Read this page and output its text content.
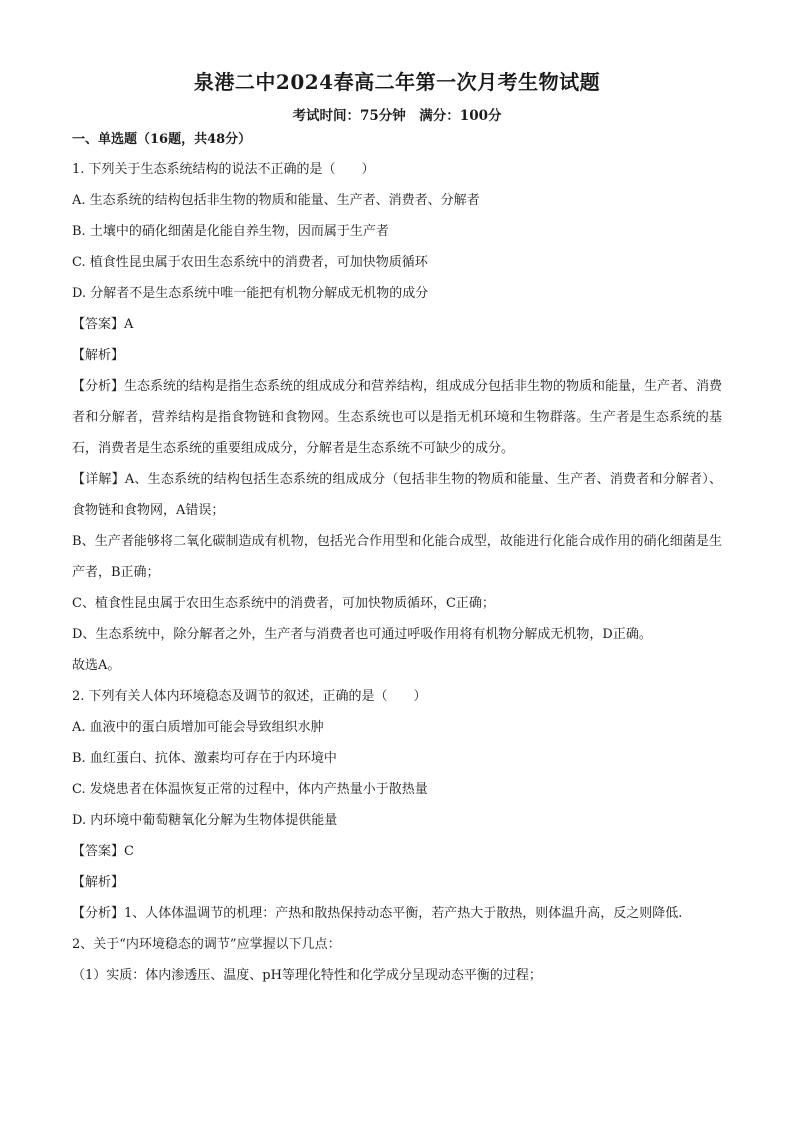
泉港二中2024春高二年第一次月考生物试题
考试时间：75分钟　满分：100分

一、单选题（16题，共48分）

1. 下列关于生态系统结构的说法不正确的是（　　）

A. 生态系统的结构包括非生物的物质和能量、生产者、消费者、分解者

B. 土壤中的硝化细菌是化能自养生物，因而属于生产者

C. 植食性昆虫属于农田生态系统中的消费者，可加快物质循环

D. 分解者不是生态系统中唯一能把有机物分解成无机物的成分

【答案】A

【解析】

【分析】生态系统的结构是指生态系统的组成成分和营养结构，组成成分包括非生物的物质和能量，生产者、消费者和分解者，营养结构是指食物链和食物网。生态系统也可以是指无机环境和生物群落。生产者是生态系统的基石，消费者是生态系统的重要组成成分，分解者是生态系统不可缺少的成分。

【详解】A、生态系统的结构包括生态系统的组成成分（包括非生物的物质和能量、生产者、消费者和分解者）、食物链和食物网，A错误；

B、生产者能够将二氧化碳制造成有机物，包括光合作用型和化能合成型，故能进行化能合成作用的硝化细菌是生产者，B正确；

C、植食性昆虫属于农田生态系统中的消费者，可加快物质循环，C正确；

D、生态系统中，除分解者之外，生产者与消费者也可通过呼吸作用将有机物分解成无机物，D正确。

故选A。

2. 下列有关人体内环境稳态及调节的叙述，正确的是（　　）

A. 血液中的蛋白质增加可能会导致组织水肿

B. 血红蛋白、抗体、激素均可存在于内环境中

C. 发烧患者在体温恢复正常的过程中，体内产热量小于散热量

D. 内环境中葡萄糖氧化分解为生物体提供能量

【答案】C

【解析】

【分析】1、人体体温调节的机理：产热和散热保持动态平衡，若产热大于散热，则体温升高，反之则降低.

2、关于“内环境稳态的调节”应掌握以下几点：

（1）实质：体内渗透压、温度、pH等理化特性和化学成分呈现动态平衡的过程；
